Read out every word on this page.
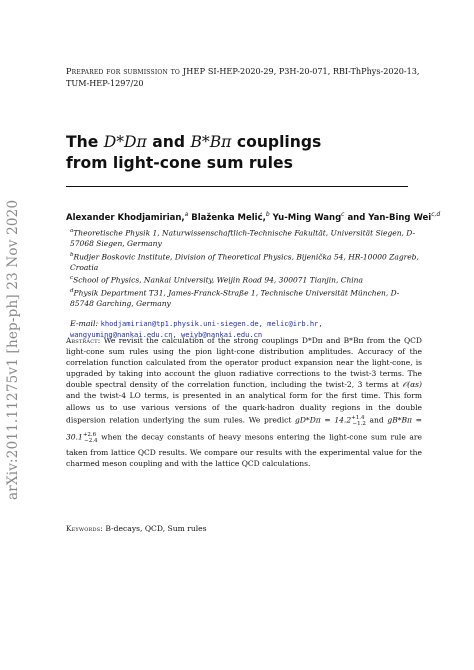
arXiv:2011.11275v1 [hep-ph] 23 Nov 2020
Prepared for submission to JHEP SI-HEP-2020-29, P3H-20-071, RBI-ThPhys-2020-13,
TUM-HEP-1297/20
The D*Dπ and B*Bπ couplings
from light-cone sum rules
Alexander Khodjamirian,$^a$ Blaženka Melić,$^b$ Yu-Ming Wang$^c$ and Yan-Bing Wei$^{c,d}$
$^a$Theoretische Physik 1, Naturwissenschaftlich-Technische Fakultät, Universität Siegen, D-57068 Siegen, Germany
$^b$Rudjer Boskovic Institute, Division of Theoretical Physics, Bijenička 54, HR-10000 Zagreb, Croatia
$^c$School of Physics, Nankai University, Weijin Road 94, 300071 Tianjin, China
$^d$Physik Department T31, James-Franck-Straße 1, Technische Universität München, D-85748 Garching, Germany
E-mail: khodjamirian@tp1.physik.uni-siegen.de, melic@irb.hr,
wangyuming@nankai.edu.cn, weiyb@nankai.edu.cn
Abstract: We revisit the calculation of the strong couplings D*Dπ and B*Bπ from the QCD light-cone sum rules using the pion light-cone distribution amplitudes. Accuracy of the correlation function calculated from the operator product expansion near the light-cone, is upgraded by taking into account the gluon radiative corrections to the twist-3 terms. The double spectral density of the correlation function, including the twist-2, 3 terms at 𝒪(αs) and the twist-4 LO terms, is presented in an analytical form for the first time. This form allows us to use various versions of the quark-hadron duality regions in the double dispersion relation underlying the sum rules. We predict $gD*D\pi = 14.2^{+1.4}_{-1.2}$ and $gB*B\pi = 30.1^{+2.6}_{-2.4}$ when the decay constants of heavy mesons entering the light-cone sum rule are taken from lattice QCD results. We compare our results with the experimental value for the charmed meson coupling and with the lattice QCD calculations.
Keywords: B-decays, QCD, Sum rules
